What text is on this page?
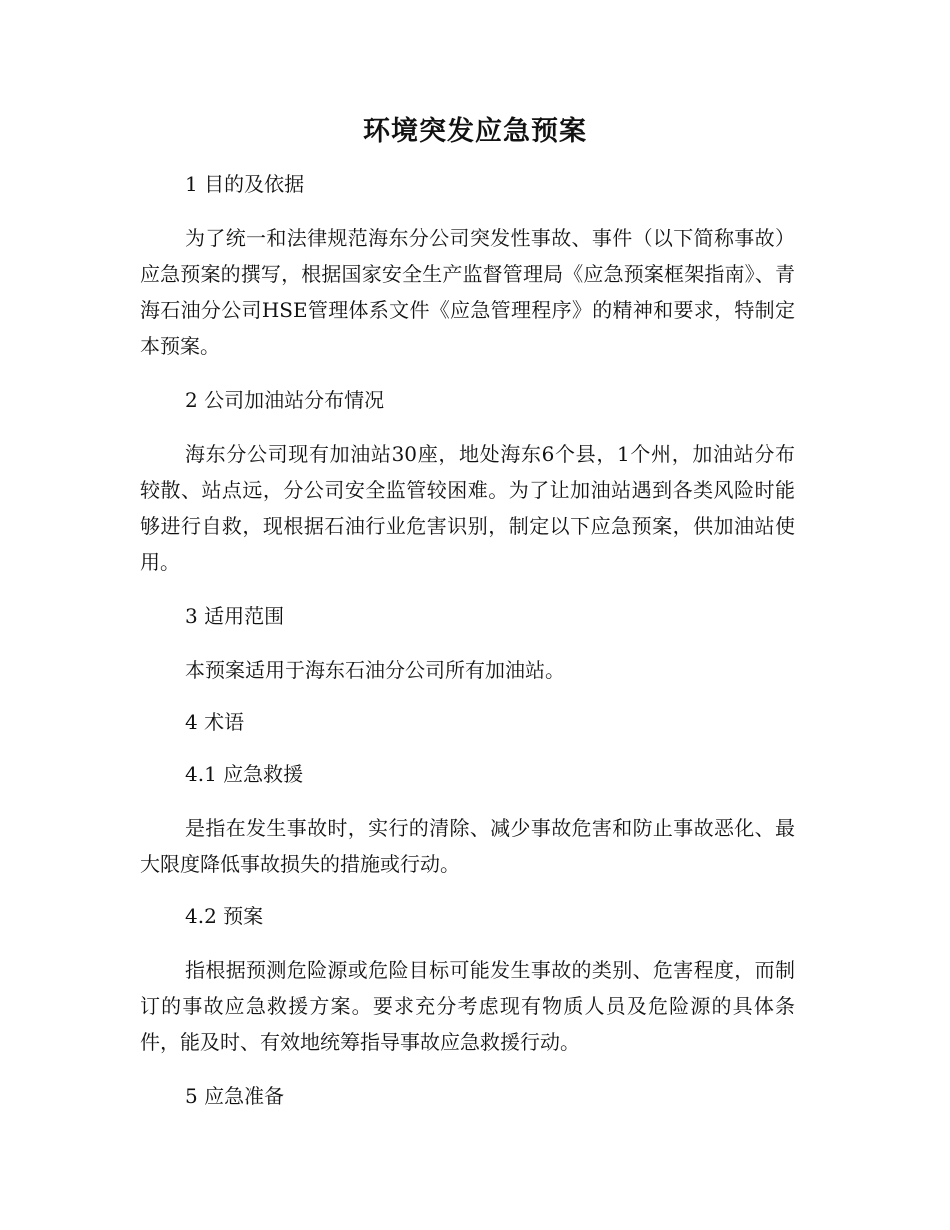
环境突发应急预案
1 目的及依据
为了统一和法律规范海东分公司突发性事故、事件（以下简称事故）应急预案的撰写，根据国家安全生产监督管理局《应急预案框架指南》、青海石油分公司HSE管理体系文件《应急管理程序》的精神和要求，特制定本预案。
2 公司加油站分布情况
海东分公司现有加油站30座，地处海东6个县，1个州，加油站分布较散、站点远，分公司安全监管较困难。为了让加油站遇到各类风险时能够进行自救，现根据石油行业危害识别，制定以下应急预案，供加油站使用。
3 适用范围
本预案适用于海东石油分公司所有加油站。
4 术语
4.1 应急救援
是指在发生事故时，实行的清除、减少事故危害和防止事故恶化、最大限度降低事故损失的措施或行动。
4.2 预案
指根据预测危险源或危险目标可能发生事故的类别、危害程度，而制订的事故应急救援方案。要求充分考虑现有物质人员及危险源的具体条件，能及时、有效地统筹指导事故应急救援行动。
5 应急准备
